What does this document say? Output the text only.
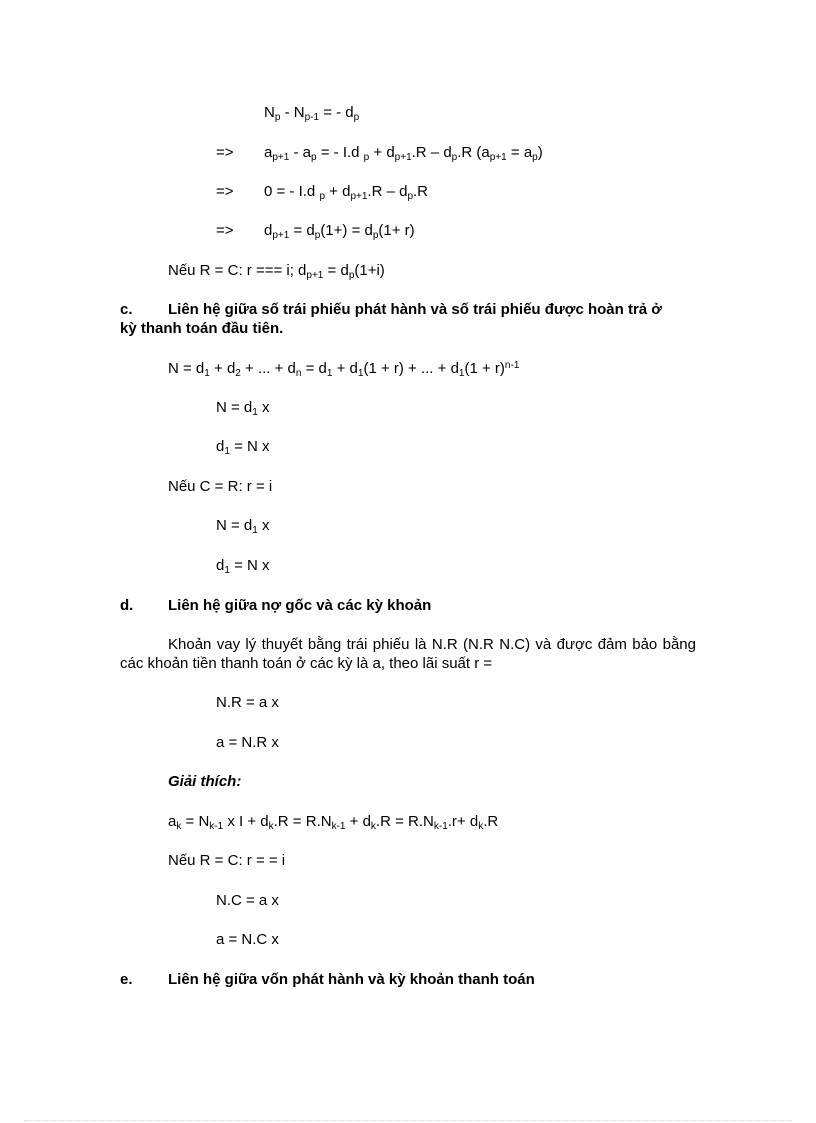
$N_p - N_{p-1}$ = - $d_p$
=> $a_{p+1} - a_p$ = - I.d $_p + d_{p+1}.R - d_p.R$ $(a_{p+1} = a_p)$
=> 0 = - I.d $_p + d_{p+1}.R - d_p.R$
=> $d_{p+1} = d_p(1+) = d_p(1+ r)$
Nếu R = C: r === i; $d_{p+1} = d_p(1+i)$
c. Liên hệ giữa số trái phiếu phát hành và số trái phiếu được hoàn trả ở
kỳ thanh toán đầu tiên.
$N = d_1 + d_2$ + ... + $d_n = d_1 + d_1(1 + r)$ + ... + $d_1(1 + r)^{n-1}$
$N = d_1$ x
$d_1 = N$ x
Nếu C = R: r = i
$N = d_1$ x
$d_1 = N$ x
d. Liên hệ giữa nợ gốc và các kỳ khoản
Khoản vay lý thuyết bằng trái phiếu là N.R (N.R N.C) và được đảm bảo bằng các khoản tiền thanh toán ở các kỳ là a, theo lãi suất r =
N.R = a x
a = N.R x
Giải thích:
$a_k = N_{k-1}$ x $I + d_k.R = R.N_{k-1} + d_k.R = R.N_{k-1}.r+ d_k.R$
Nếu R = C: r = = i
N.C = a x
a = N.C x
e. Liên hệ giữa vốn phát hành và kỳ khoản thanh toán
